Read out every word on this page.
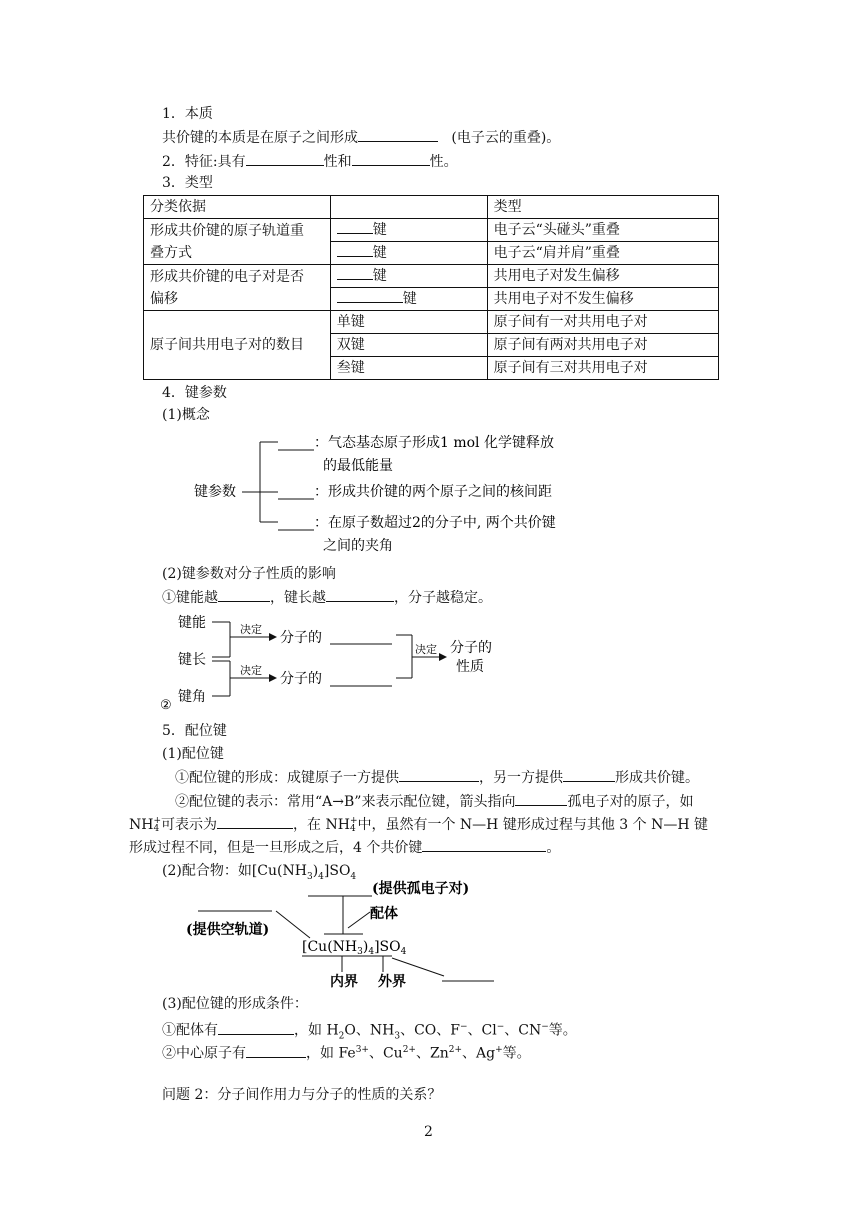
1．本质
共价键的本质是在原子之间形成	(电子云的重叠)。
2．特征:具有	性和	性。
3．类型
分类依据		类型
形成共价键的原子轨道重
叠方式	键	电子云“头碰头”重叠
	键	电子云“肩并肩”重叠
形成共价键的电子对是否
偏移	键	共用电子对发生偏移
	键	共用电子对不发生偏移
原子间共用电子对的数目	单键	原子间有一对共用电子对
	双键	原子间有两对共用电子对
	叁键	原子间有三对共用电子对
4．键参数
(1)概念
键参数
：气态基态原子形成1 mol 化学键释放
的最低能量
：形成共价键的两个原子之间的核间距
：在原子数超过2的分子中, 两个共价键
之间的夹角
(2)键参数对分子性质的影响
①键能越	，键长越	，分子越稳定。
键能
键长
键角
②
决定
决定
决定
分子的
分子的
分子的
性质
5．配位键
(1)配位键
①配位键的形成：成键原子一方提供	，另一方提供	形成共价键。
②配位键的表示：常用“A→B”来表示配位键，箭头指向	孤电子对的原子，如
NH+
4 可表示为	，在 NH+
4 中，虽然有一个 N—H 键形成过程与其他 3 个 N—H 键
形成过程不同，但是一旦形成之后，4 个共价键	。
(2)配合物：如$[Cu(NH_3)_4]SO_4$
(提供孤电子对)
配体
(提供空轨道)
$[Cu(NH_3)_4]SO_4$
内界 外界
(3)配位键的形成条件：
①配体有	，如 $H_2O$、$NH_3$、CO、F−、Cl−、CN−等。
②中心原子有	，如 $Fe^{3+}$、$Cu^{2+}$、$Zn^{2+}$、Ag+等。
问题 2：分子间作用力与分子的性质的关系？
2
